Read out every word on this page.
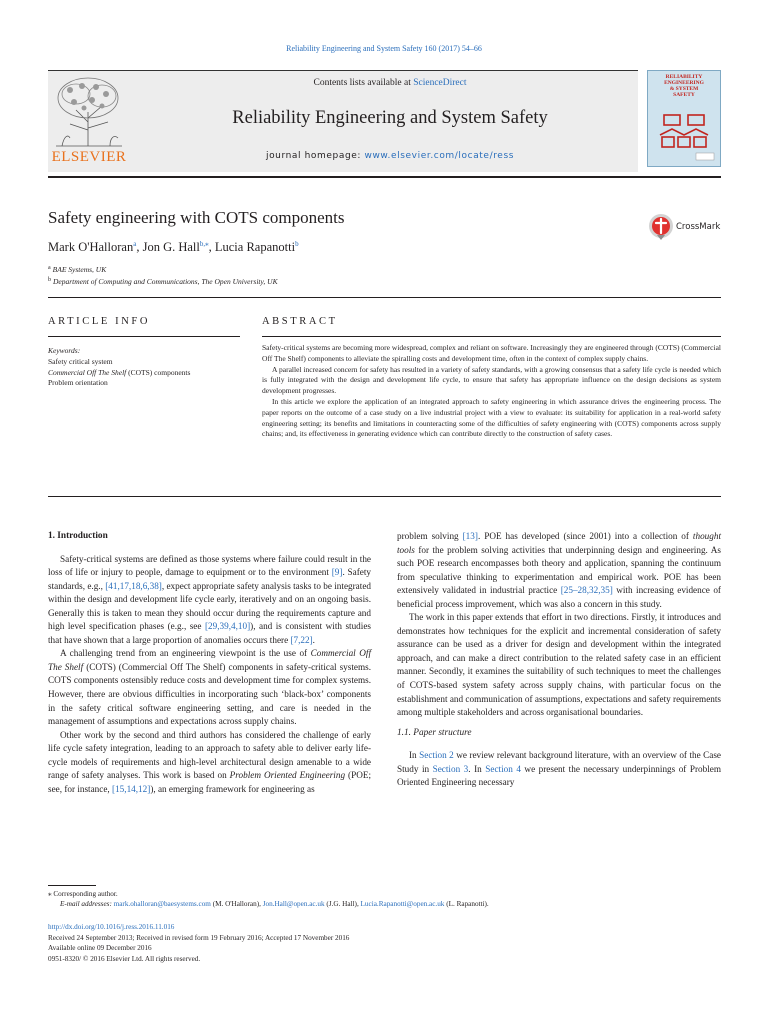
Reliability Engineering and System Safety 160 (2017) 54–66
ELSEVIER
Contents lists available at ScienceDirect
Reliability Engineering and System Safety
journal homepage: www.elsevier.com/locate/ress
RELIABILITY
ENGINEERING
& SYSTEM
SAFETY
Safety engineering with COTS components	CrossMark
Mark O'Halloran$^a$, Jon G. Hall$^{b,⁎}$, Lucia Rapanotti$^b$
$^a$ BAE Systems, UK
$^b$ Department of Computing and Communications, The Open University, UK
ARTICLE INFO	ABSTRACT
Keywords:
Safety critical system
Commercial Off The Shelf (COTS) components
Problem orientation

Safety-critical systems are becoming more widespread, complex and reliant on software. Increasingly they are engineered through (COTS) (Commercial Off The Shelf) components to alleviate the spiralling costs and development time, often in the context of complex supply chains.

A parallel increased concern for safety has resulted in a variety of safety standards, with a growing consensus that a safety life cycle is needed which is fully integrated with the design and development life cycle, to ensure that safety has appropriate influence on the design decisions as system development progresses.

In this article we explore the application of an integrated approach to safety engineering in which assurance drives the engineering process. The paper reports on the outcome of a case study on a live industrial project with a view to evaluate: its suitability for application in a real-world safety engineering setting; its benefits and limitations in counteracting some of the difficulties of safety engineering with (COTS) components across supply chains; and, its effectiveness in generating evidence which can contribute directly to the construction of safety cases.

1. Introduction

Safety-critical systems are defined as those systems where failure could result in the loss of life or injury to people, damage to equipment or to the environment [9]. Safety standards, e.g., [41,17,18,6,38], expect appropriate safety analysis tasks to be integrated within the design and development life cycle early, iteratively and on an ongoing basis. Generally this is taken to mean they should occur during the requirements capture and high level specification phases (e.g., see [29,39,4,10]), and is consistent with studies that have shown that a large proportion of anomalies occurs there [7,22].

A challenging trend from an engineering viewpoint is the use of Commercial Off The Shelf (COTS) (Commercial Off The Shelf) components in safety-critical systems. COTS components ostensibly reduce costs and development time for complex systems. However, there are obvious difficulties in incorporating such ‘black-box’ components in the safety critical software engineering setting, and care is needed in the management of assumptions and expectations across supply chains.

Other work by the second and third authors has considered the challenge of early life cycle safety integration, leading to an approach to safety able to deliver early life-cycle models of requirements and high-level architectural design amenable to a wide range of safety analyses. This work is based on Problem Oriented Engineering (POE; see, for instance, [15,14,12]), an emerging framework for engineering as

problem solving [13]. POE has developed (since 2001) into a collection of thought tools for the problem solving activities that underpinning design and engineering. As such POE research encompasses both theory and application, spanning the continuum from speculative thinking to experimentation and empirical work. POE has been extensively validated in industrial practice [25–28,32,35] with increasing evidence of beneficial process improvement, which was also a concern in this study.

The work in this paper extends that effort in two directions. Firstly, it introduces and demonstrates how techniques for the explicit and incremental consideration of safety assurance can be used as a driver for design and development within the integrated approach, and can make a direct contribution to the related safety case in an efficient manner. Secondly, it examines the suitability of such techniques to meet the challenges of COTS-based system safety across supply chains, with particular focus on the establishment and communication of assumptions, expectations and safety requirements among multiple stakeholders and across organisational boundaries.

1.1. Paper structure

In Section 2 we review relevant background literature, with an overview of the Case Study in Section 3. In Section 4 we present the necessary underpinnings of Problem Oriented Engineering necessary

⁎ Corresponding author.
E-mail addresses: mark.ohalloran@baesystems.com (M. O'Halloran), Jon.Hall@open.ac.uk (J.G. Hall), Lucia.Rapanotti@open.ac.uk (L. Rapanotti).
http://dx.doi.org/10.1016/j.ress.2016.11.016
Received 24 September 2013; Received in revised form 19 February 2016; Accepted 17 November 2016
Available online 09 December 2016
0951-8320/ © 2016 Elsevier Ltd. All rights reserved.
